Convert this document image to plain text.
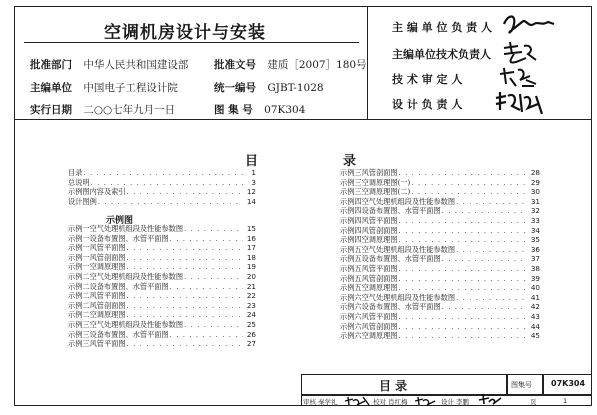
空调机房设计与安装
批准部门 中华人民共和国建设部 批准文号 建质［2007］180号
主编单位 中国电子工程设计院	统一编号 GJBT-1028
实行日期 二○○七年九月一日	图 集 号 07K304
主 编 单 位 负 责 人
主编单位技术负责人
技 术 审 定 人
设 计 负 责 人
目	录
目录 . . .	1
总说明 . . .	3
示例图内容及索引 . . .	12
设计图例 . . .	14
示例图
示例一空气处理机组段及性能参数图 . . .	15
示例一设备布置图、水管平面图 . . .	16
示例一风管平面图 . . .	17
示例一风管剖面图 . . .	18
示例一空调原理图 . . .	19
示例二空气处理机组段及性能参数图 . . .	20
示例二设备布置图、水管平面图 . . .	21
示例二风管平面图 . . .	22
示例二风管剖面图 . . .	23
示例二空调原理图 . . .	24
示例三空气处理机组段及性能参数图 . . .	25
示例三设备布置图、水管平面图 . . .	26
示例三风管平面图 . . .	27
示例三风管剖面图 . . .	28
示例三空调原理图(一) . . .	29
示例三空调原理图(二) . . .	30
示例四空气处理机组段及性能参数图 . . .	31
示例四设备布置图、水管平面图 . . .	32
示例四风管平面图 . . .	33
示例四风管剖面图 . . .	34
示例四空调原理图 . . .	35
示例五空气处理机组段及性能参数图 . . .	36
示例五设备布置图、水管平面图 . . .	37
示例五风管平面图 . . .	38
示例五风管剖面图 . . .	39
示例五空调原理图 . . .	40
示例六空气处理机组段及性能参数图 . . .	41
示例六设备布置图、水管平面图 . . .	42
示例六风管平面图 . . .	43
示例六风管剖面图 . . .	44
示例六空调原理图 . . .	45
目 录	图集号 07K304
审核 秦学礼	校对 肖红梅	设计 李鹏	页	1
